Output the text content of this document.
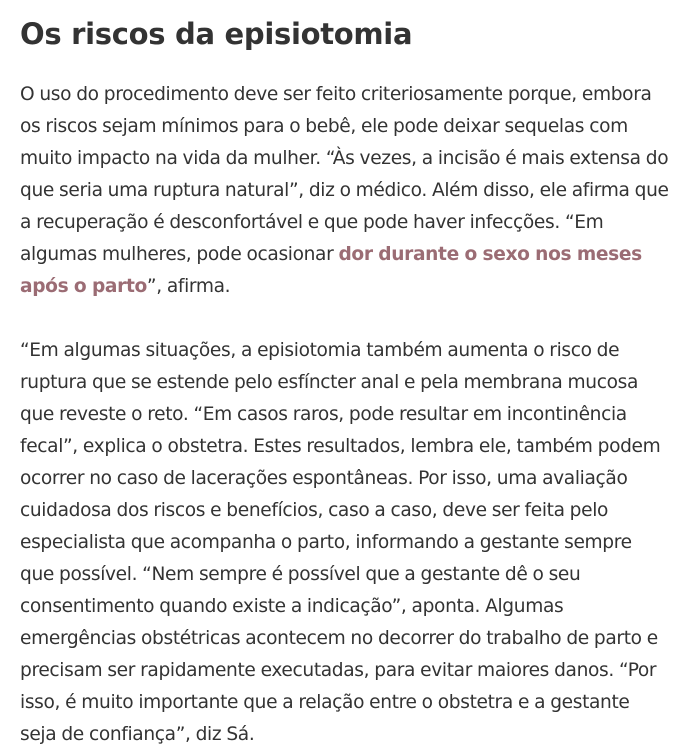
Os riscos da episiotomia

O uso do procedimento deve ser feito criteriosamente porque, embora os riscos sejam mínimos para o bebê, ele pode deixar sequelas com muito impacto na vida da mulher. “Às vezes, a incisão é mais extensa do que seria uma ruptura natural”, diz o médico. Além disso, ele afirma que a recuperação é desconfortável e que pode haver infecções. “Em algumas mulheres, pode ocasionar dor durante o sexo nos meses após o parto”, afirma.

“Em algumas situações, a episiotomia também aumenta o risco de ruptura que se estende pelo esfíncter anal e pela membrana mucosa que reveste o reto. “Em casos raros, pode resultar em incontinência fecal”, explica o obstetra. Estes resultados, lembra ele, também podem ocorrer no caso de lacerações espontâneas. Por isso, uma avaliação cuidadosa dos riscos e benefícios, caso a caso, deve ser feita pelo especialista que acompanha o parto, informando a gestante sempre que possível. “Nem sempre é possível que a gestante dê o seu consentimento quando existe a indicação”, aponta. Algumas emergências obstétricas acontecem no decorrer do trabalho de parto e precisam ser rapidamente executadas, para evitar maiores danos. “Por isso, é muito importante que a relação entre o obstetra e a gestante seja de confiança”, diz Sá.
